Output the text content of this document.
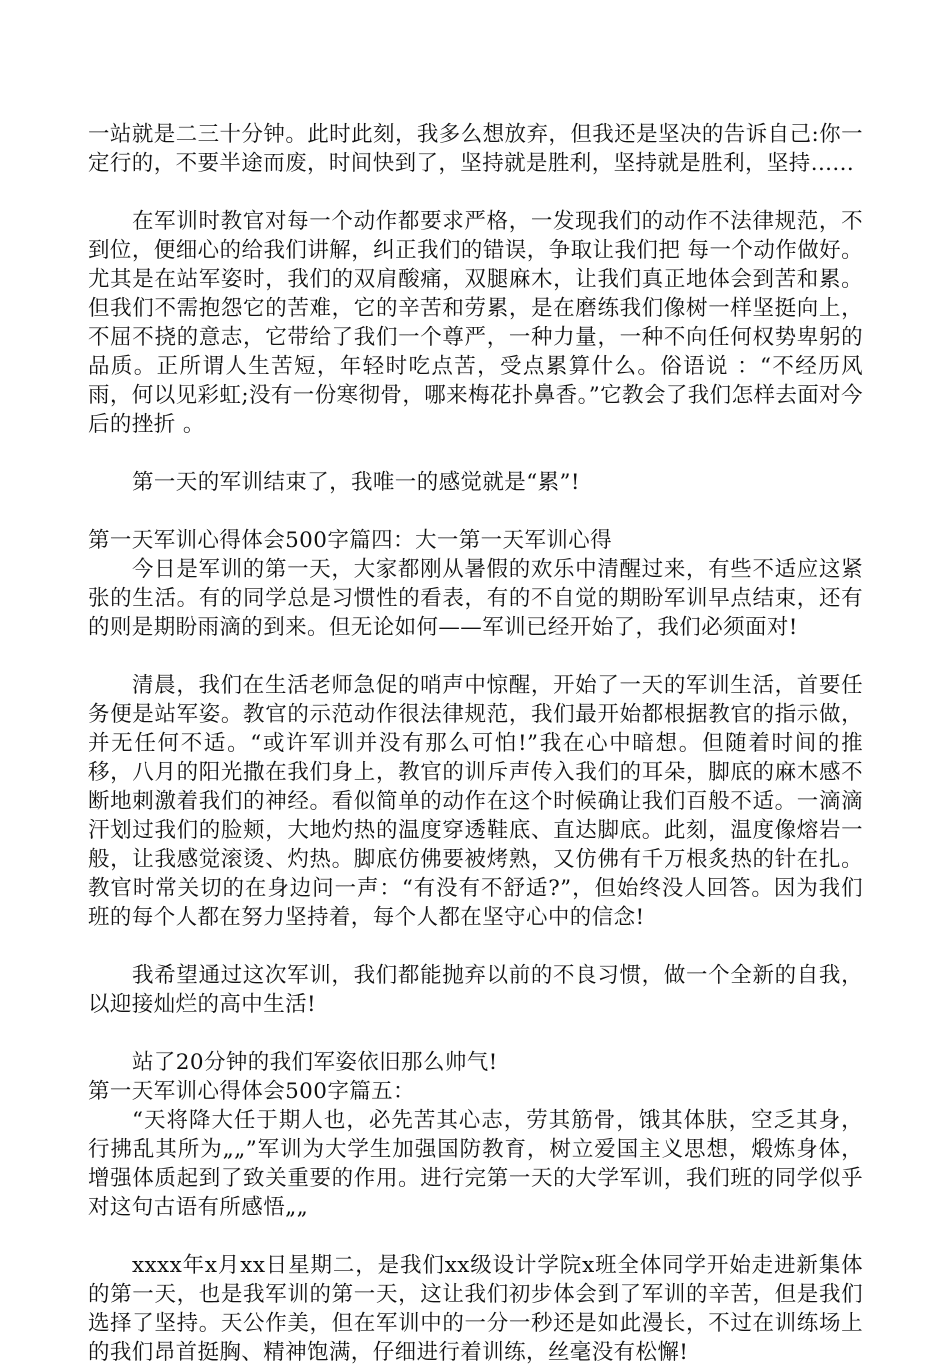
一站就是二三十分钟。此时此刻，我多么想放弃，但我还是坚决的告诉自己:你一定行的，不要半途而废，时间快到了，坚持就是胜利，坚持就是胜利，坚持......

在军训时教官对每一个动作都要求严格，一发现我们的动作不法律规范，不到位，便细心的给我们讲解，纠正我们的错误，争取让我们把 每一个动作做好。尤其是在站军姿时，我们的双肩酸痛，双腿麻木，让我们真正地体会到苦和累。但我们不需抱怨它的苦难，它的辛苦和劳累，是在磨练我们像树一样坚挺向上，不屈不挠的意志，它带给了我们一个尊严，一种力量，一种不向任何权势卑躬的品质。正所谓人生苦短，年轻时吃点苦，受点累算什么。俗语说 ：“不经历风雨，何以见彩虹;没有一份寒彻骨，哪来梅花扑鼻香。”它教会了我们怎样去面对今后的挫折 。

第一天的军训结束了，我唯一的感觉就是“累”!

第一天军训心得体会500字篇四：大一第一天军训心得

今日是军训的第一天，大家都刚从暑假的欢乐中清醒过来，有些不适应这紧张的生活。有的同学总是习惯性的看表，有的不自觉的期盼军训早点结束，还有的则是期盼雨滴的到来。但无论如何——军训已经开始了，我们必须面对!

清晨，我们在生活老师急促的哨声中惊醒，开始了一天的军训生活，首要任务便是站军姿。教官的示范动作很法律规范，我们最开始都根据教官的指示做，并无任何不适。“或许军训并没有那么可怕!”我在心中暗想。但随着时间的推移，八月的阳光撒在我们身上，教官的训斥声传入我们的耳朵，脚底的麻木感不断地刺激着我们的神经。看似简单的动作在这个时候确让我们百般不适。一滴滴汗划过我们的脸颊，大地灼热的温度穿透鞋底、直达脚底。此刻，温度像熔岩一般，让我感觉滚烫、灼热。脚底仿佛要被烤熟，又仿佛有千万根炙热的针在扎。教官时常关切的在身边问一声：“有没有不舒适?”，但始终没人回答。因为我们班的每个人都在努力坚持着，每个人都在坚守心中的信念!

我希望通过这次军训，我们都能抛弃以前的不良习惯，做一个全新的自我，以迎接灿烂的高中生活!

站了20分钟的我们军姿依旧那么帅气!

第一天军训心得体会500字篇五：

“天将降大任于期人也，必先苦其心志，劳其筋骨，饿其体肤，空乏其身，行拂乱其所为„„”军训为大学生加强国防教育，树立爱国主义思想，煅炼身体，增强体质起到了致关重要的作用。进行完第一天的大学军训，我们班的同学似乎对这句古语有所感悟„„

xxxx年x月xx日星期二，是我们xx级设计学院x班全体同学开始走进新集体的第一天，也是我军训的第一天，这让我们初步体会到了军训的辛苦，但是我们选择了坚持。天公作美，但在军训中的一分一秒还是如此漫长，不过在训练场上的我们昂首挺胸、精神饱满，仔细进行着训练，丝毫没有松懈!
